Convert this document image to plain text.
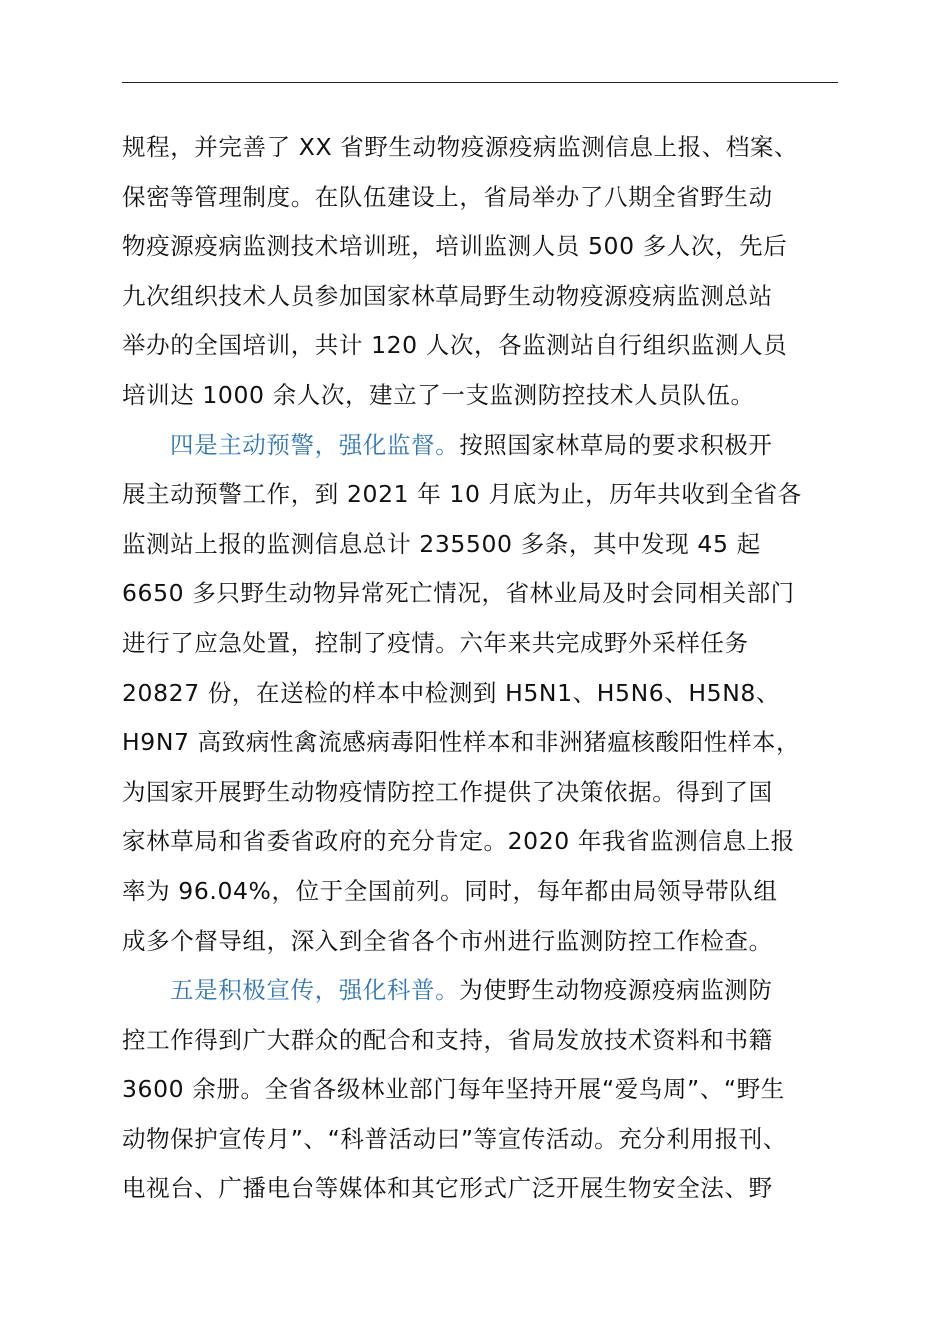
规程，并完善了 XX 省野生动物疫源疫病监测信息上报、档案、
保密等管理制度。在队伍建设上，省局举办了八期全省野生动
物疫源疫病监测技术培训班，培训监测人员 500 多人次，先后
九次组织技术人员参加国家林草局野生动物疫源疫病监测总站
举办的全国培训，共计 120 人次，各监测站自行组织监测人员
培训达 1000 余人次，建立了一支监测防控技术人员队伍。
四是主动预警，强化监督。按照国家林草局的要求积极开
展主动预警工作，到 2021 年 10 月底为止，历年共收到全省各
监测站上报的监测信息总计 235500 多条，其中发现 45 起
6650 多只野生动物异常死亡情况，省林业局及时会同相关部门
进行了应急处置，控制了疫情。六年来共完成野外采样任务
20827 份，在送检的样本中检测到 H5N1、H5N6、H5N8、
H9N7 高致病性禽流感病毒阳性样本和非洲猪瘟核酸阳性样本，
为国家开展野生动物疫情防控工作提供了决策依据。得到了国
家林草局和省委省政府的充分肯定。2020 年我省监测信息上报
率为 96.04%，位于全国前列。同时，每年都由局领导带队组
成多个督导组，深入到全省各个市州进行监测防控工作检查。
五是积极宣传，强化科普。为使野生动物疫源疫病监测防
控工作得到广大群众的配合和支持，省局发放技术资料和书籍
3600 余册。全省各级林业部门每年坚持开展“爱鸟周”、“野生
动物保护宣传月”、“科普活动曰”等宣传活动。充分利用报刊、
电视台、广播电台等媒体和其它形式广泛开展生物安全法、野
